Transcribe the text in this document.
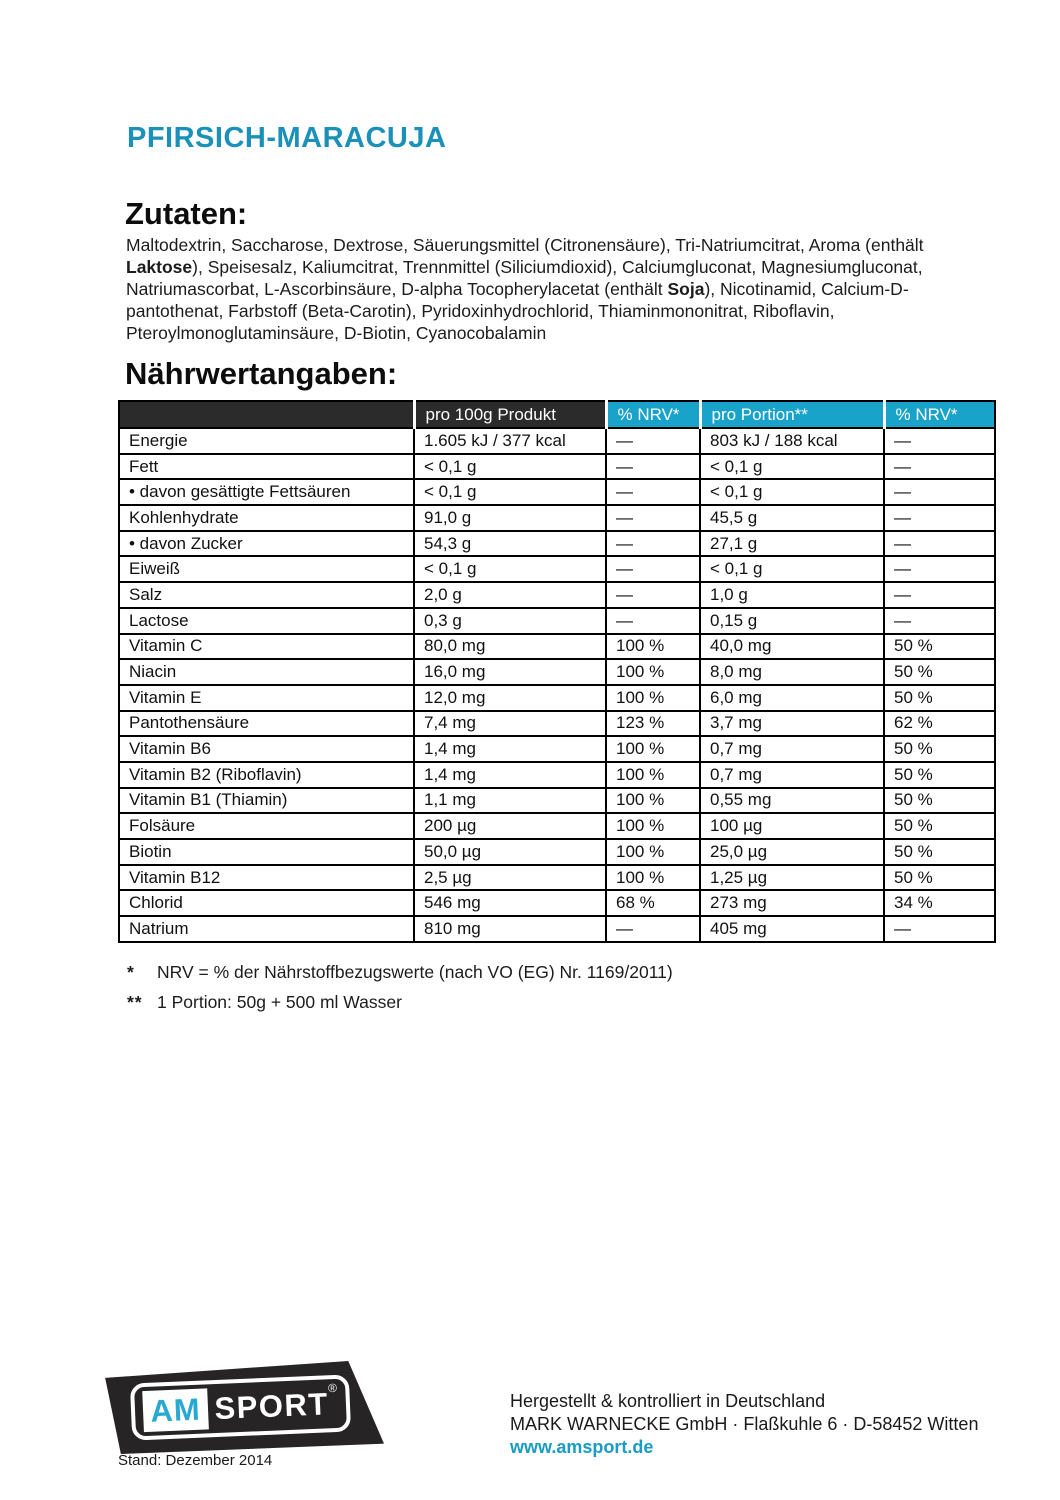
PFIRSICH-MARACUJA
Zutaten:

Maltodextrin, Saccharose, Dextrose, Säuerungsmittel (Citronensäure), Tri-Natriumcitrat, Aroma (enthält Laktose), Speisesalz, Kaliumcitrat, Trennmittel (Siliciumdioxid), Calciumgluconat, Magnesiumgluconat, Natriumascorbat, L-Ascorbinsäure, D-alpha Tocopherylacetat (enthält Soja), Nicotinamid, Calcium-D-pantothenat, Farbstoff (Beta-Carotin), Pyridoxinhydrochlorid, Thiaminmononitrat, Riboflavin, Pteroylmonoglutaminsäure, D-Biotin, Cyanocobalamin

Nährwertangaben:
	pro 100g Produkt	% NRV*	pro Portion**	% NRV*
Energie	1.605 kJ / 377 kcal	—	803 kJ / 188 kcal	—
Fett	< 0,1 g	—	< 0,1 g	—
• davon gesättigte Fettsäuren	< 0,1 g	—	< 0,1 g	—
Kohlenhydrate	91,0 g	—	45,5 g	—
• davon Zucker	54,3 g	—	27,1 g	—
Eiweiß	< 0,1 g	—	< 0,1 g	—
Salz	2,0 g	—	1,0 g	—
Lactose	0,3 g	—	0,15 g	—
Vitamin C	80,0 mg	100 %	40,0 mg	50 %
Niacin	16,0 mg	100 %	8,0 mg	50 %
Vitamin E	12,0 mg	100 %	6,0 mg	50 %
Pantothensäure	7,4 mg	123 %	3,7 mg	62 %
Vitamin B6	1,4 mg	100 %	0,7 mg	50 %
Vitamin B2 (Riboflavin)	1,4 mg	100 %	0,7 mg	50 %
Vitamin B1 (Thiamin)	1,1 mg	100 %	0,55 mg	50 %
Folsäure	200 µg	100 %	100 µg	50 %
Biotin	50,0 µg	100 %	25,0 µg	50 %
Vitamin B12	2,5 µg	100 %	1,25 µg	50 %
Chlorid	546 mg	68 %	273 mg	34 %
Natrium	810 mg	—	405 mg	—
*	NRV = % der Nährstoffbezugswerte (nach VO (EG) Nr. 1169/2011)
** 1 Portion: 50g + 500 ml Wasser
AM SPORT
®
Stand: Dezember 2014
Hergestellt & kontrolliert in Deutschland
MARK WARNECKE GmbH · Flaßkuhle 6 · D-58452 Witten
www.amsport.de
